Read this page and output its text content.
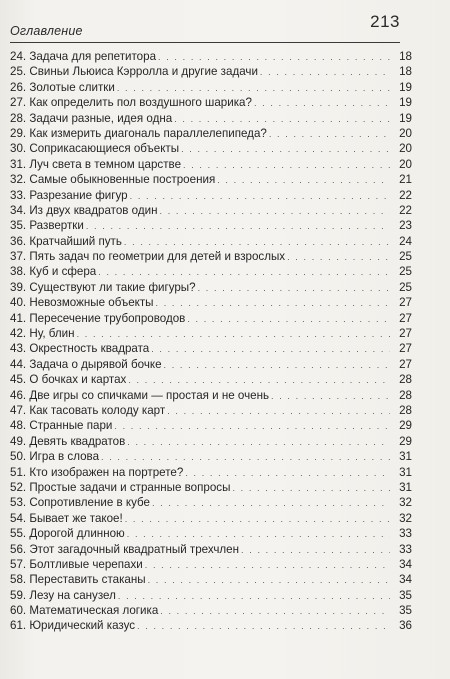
Оглавление	213
24. Задача для репетитора . . .	18
25. Свиньи Льюиса Кэрролла и другие задачи . . .	18
26. Золотые слитки . . .	19
27. Как определить пол воздушного шарика? . . .	19
28. Задачи разные, идея одна . . .	19
29. Как измерить диагональ параллелепипеда? . . .	20
30. Соприкасающиеся объекты . . .	20
31. Луч света в темном царстве . . .	20
32. Самые обыкновенные построения . . .	21
33. Разрезание фигур . . .	22
34. Из двух квадратов один . . .	22
35. Развертки . . .	23
36. Кратчайший путь . . .	24
37. Пять задач по геометрии для детей и взрослых . . .	25
38. Куб и сфера . . .	25
39. Существуют ли такие фигуры? . . .	25
40. Невозможные объекты . . .	27
41. Пересечение трубопроводов . . .	27
42. Ну, блин . . .	27
43. Окрестность квадрата . . .	27
44. Задача о дырявой бочке . . .	27
45. О бочках и картах . . .	28
46. Две игры со спичками — простая и не очень . . .	28
47. Как тасовать колоду карт . . .	28
48. Странные пари . . .	29
49. Девять квадратов . . .	29
50. Игра в слова . . .	31
51. Кто изображен на портрете? . . .	31
52. Простые задачи и странные вопросы . . .	31
53. Сопротивление в кубе . . .	32
54. Бывает же такое! . . .	32
55. Дорогой длинною . . .	33
56. Этот загадочный квадратный трехчлен . . .	33
57. Болтливые черепахи . . .	34
58. Переставить стаканы . . .	34
59. Лезу на санузел . . .	35
60. Математическая логика . . .	35
61. Юридический казус . . .	36
